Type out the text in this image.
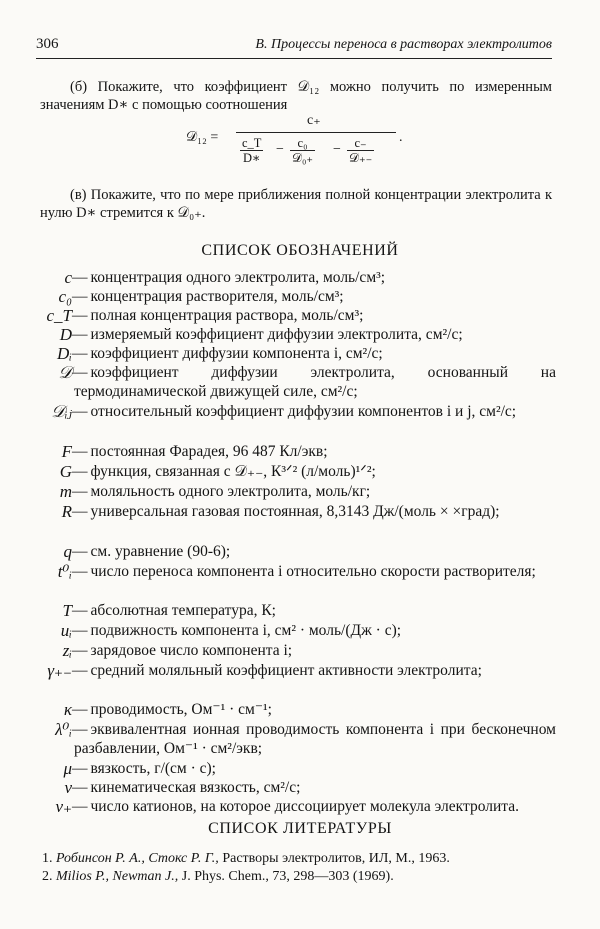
306	В. Процессы переноса в растворах электролитов
(б) Покажите, что коэффициент 𝒟₁₂ можно получить по измеренным значениям D∗ с помощью соотношения
𝒟₁₂ =
c₊
$\frac{c\_T}{D∗}$ −	c₀
𝒟₀₊
−	c₋
𝒟₊₋
.
(в) Покажите, что по мере приближения полной концентрации электролита к нулю D∗ стремится к 𝒟₀₊.
СПИСОК ОБОЗНАЧЕНИЙ
c — концентрация одного электролита, моль/см³;
c₀ — концентрация растворителя, моль/см³;
c_T — полная концентрация раствора, моль/см³;
D — измеряемый коэффициент диффузии электролита, см²/с;
Dᵢ — коэффициент диффузии компонента i, см²/с;
𝒟 — коэффициент диффузии электролита, основанный на термодинамической движущей силе, см²/с;
𝒟ᵢⱼ — относительный коэффициент диффузии компонентов i и j, см²/с;
F — постоянная Фарадея, 96 487 Кл/экв;
G — функция, связанная с 𝒟₊₋, К³ᐟ² (л/моль)¹ᐟ²;
m — моляльность одного электролита, моль/кг;
R — универсальная газовая постоянная, 8,3143 Дж/(моль × ×град);
q — см. уравнение (90-6);
t⁰ᵢ — число переноса компонента i относительно скорости растворителя;
T — абсолютная температура, К;
uᵢ — подвижность компонента i, см² · моль/(Дж · с);
zᵢ — зарядовое число компонента i;
γ₊₋ — средний моляльный коэффициент активности электролита;
κ — проводимость, Ом⁻¹ · см⁻¹;
λ⁰ᵢ — эквивалентная ионная проводимость компонента i при бесконечном разбавлении, Ом⁻¹ · см²/экв;
μ — вязкость, г/(см · с);
ν — кинематическая вязкость, см²/с;
ν₊ — число катионов, на которое диссоциирует молекула электролита.
СПИСОК ЛИТЕРАТУРЫ
1. Робинсон Р. А., Стокс Р. Г., Растворы электролитов, ИЛ, М., 1963.
2. Milios P., Newman J., J. Phys. Chem., 73, 298—303 (1969).
